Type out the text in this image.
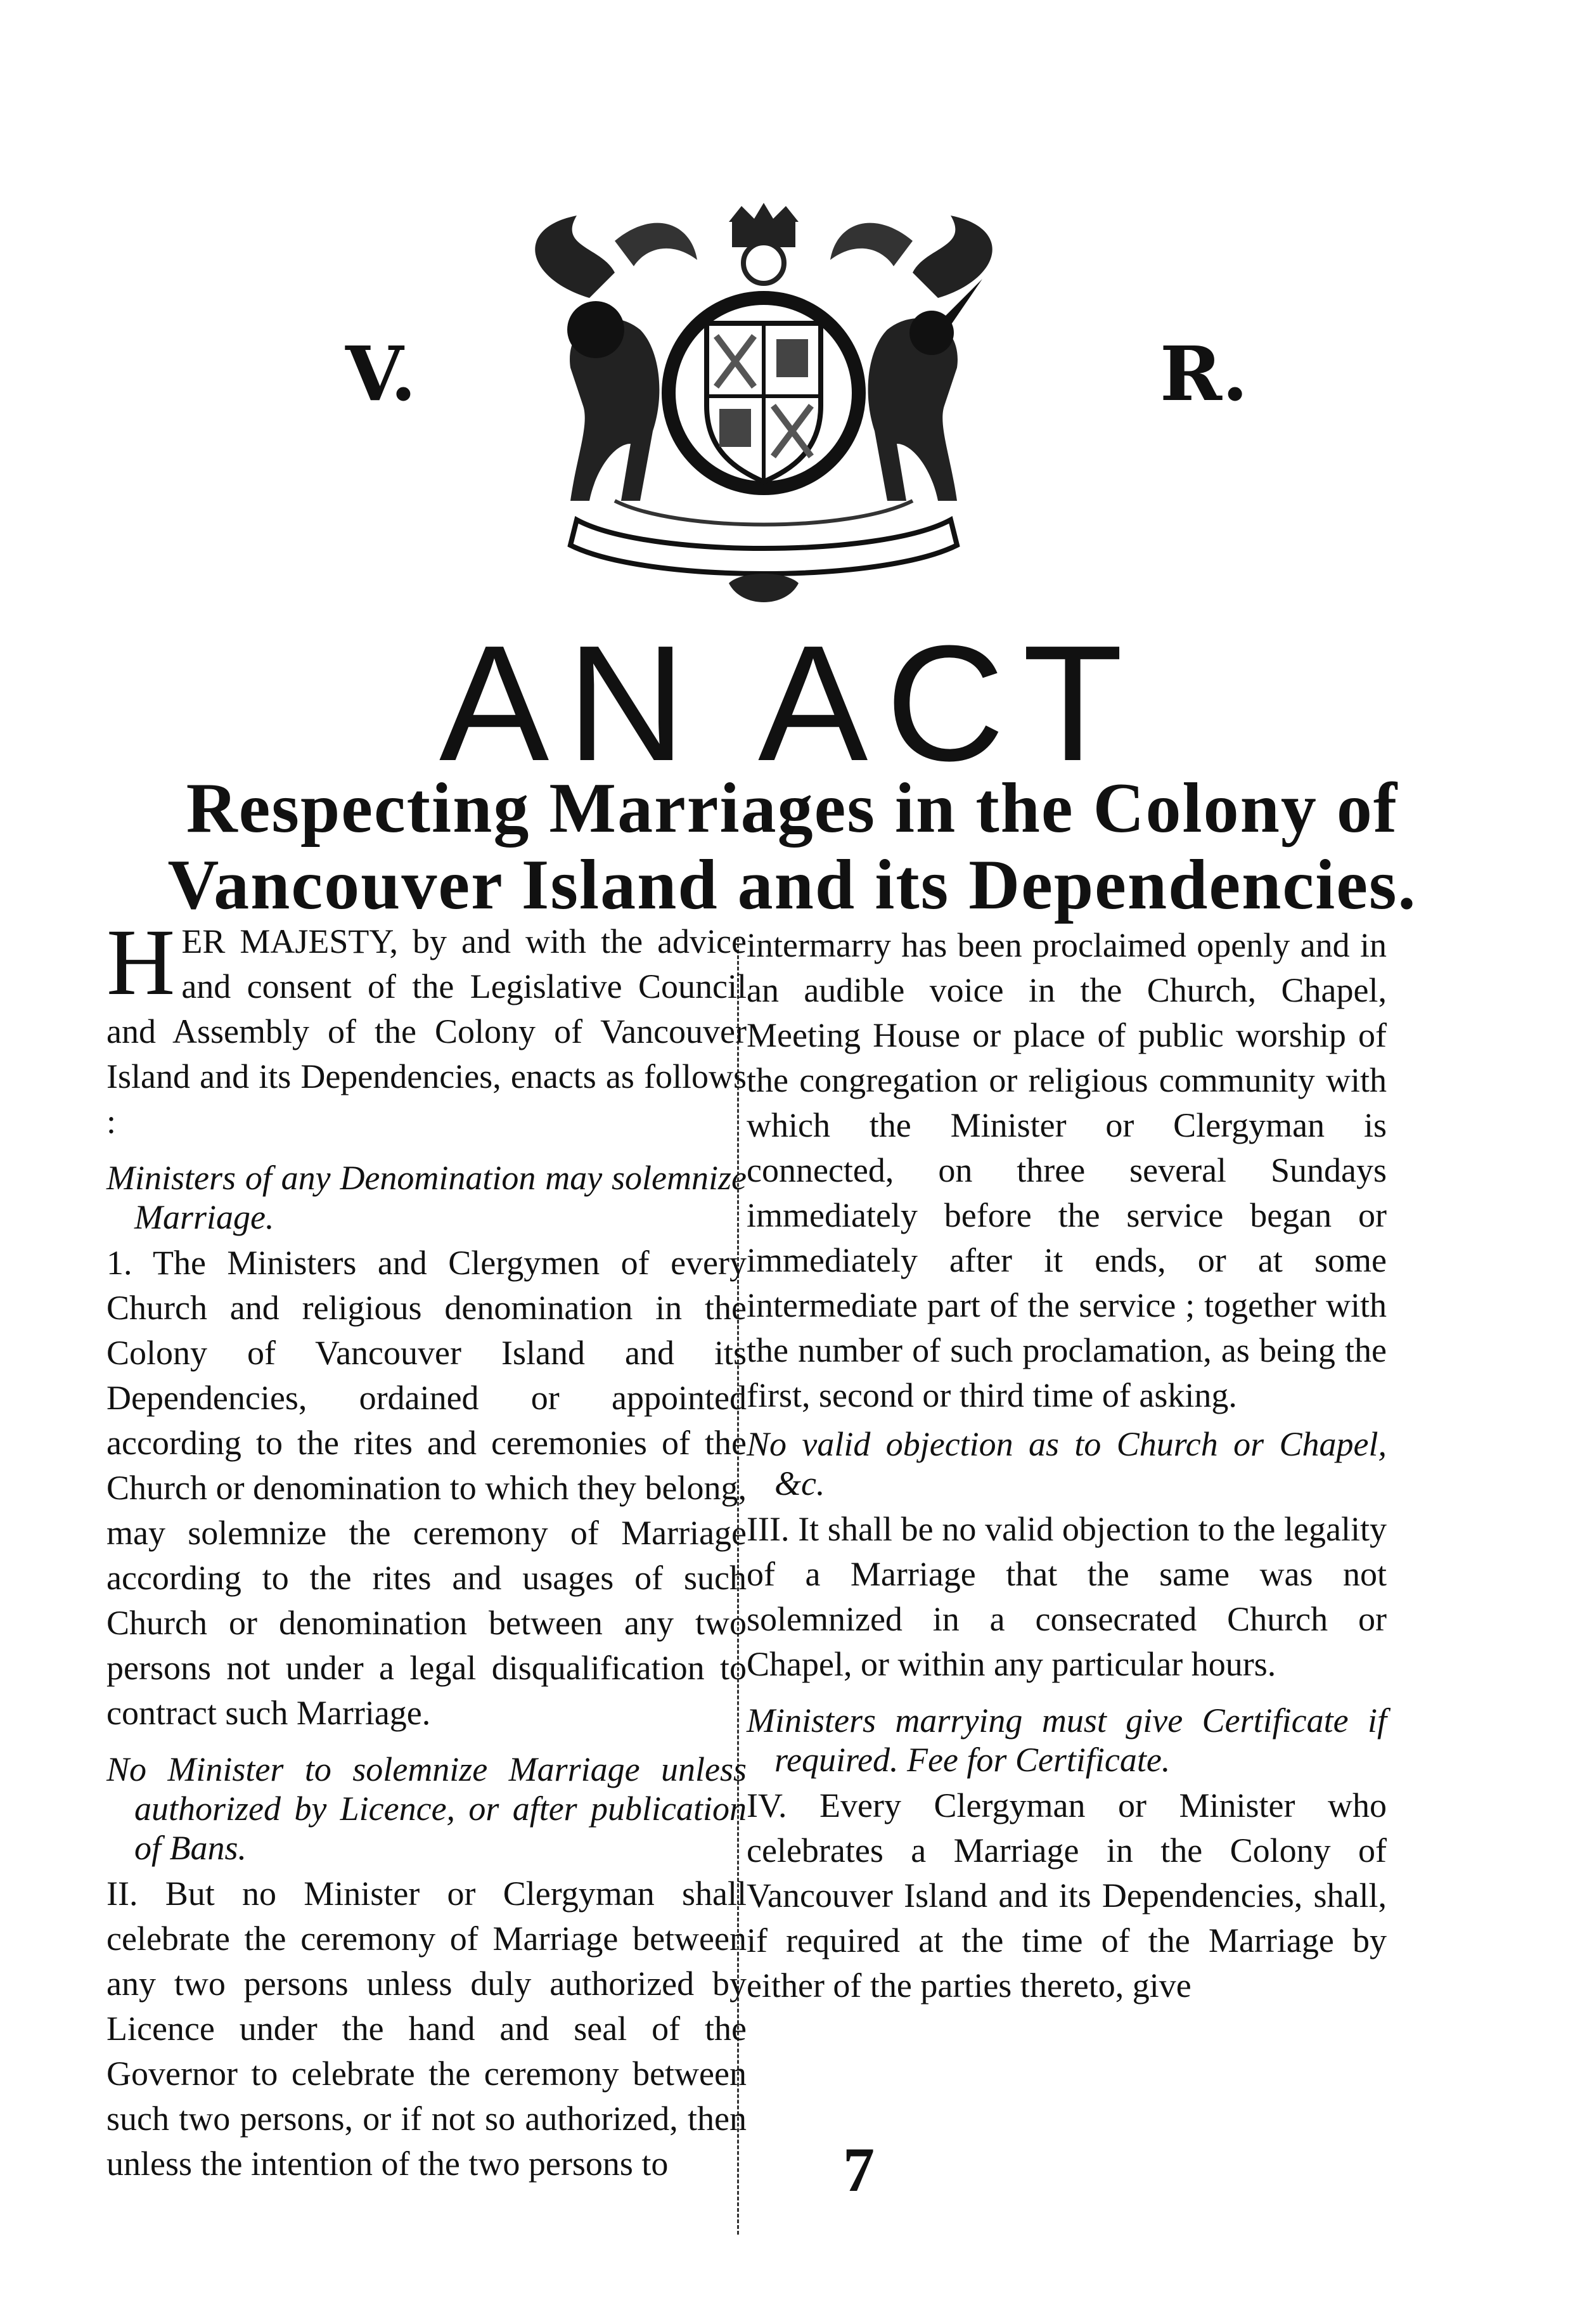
V.	R.
AN ACT
Respecting Marriages in the Colony of Vancouver Island and its Dependencies.

HER MAJESTY, by and with the advice and consent of the Legislative Council and Assembly of the Colony of Vancouver Island and its Dependencies, enacts as follows :

Ministers of any Denomination may solemnize Marriage.

1. The Ministers and Clergymen of every Church and religious denomination in the Colony of Vancouver Island and its Dependencies, ordained or appointed according to the rites and ceremonies of the Church or denomination to which they belong, may solemnize the ceremony of Marriage according to the rites and usages of such Church or denomination between any two persons not under a legal disqualification to contract such Marriage.

No Minister to solemnize Marriage unless authorized by Licence, or after publication of Bans.

II. But no Minister or Clergyman shall celebrate the ceremony of Marriage between any two persons unless duly authorized by Licence under the hand and seal of the Governor to celebrate the ceremony between such two persons, or if not so authorized, then unless the intention of the two persons to

intermarry has been proclaimed openly and in an audible voice in the Church, Chapel, Meeting House or place of public worship of the congregation or religious community with which the Minister or Clergyman is connected, on three several Sundays immediately before the service began or immediately after it ends, or at some intermediate part of the service ; together with the number of such proclamation, as being the first, second or third time of asking.

No valid objection as to Church or Chapel, &c.

III. It shall be no valid objection to the legality of a Marriage that the same was not solemnized in a consecrated Church or Chapel, or within any particular hours.

Ministers marrying must give Certificate if required. Fee for Certificate.

IV. Every Clergyman or Minister who celebrates a Marriage in the Colony of Vancouver Island and its Dependencies, shall, if required at the time of the Marriage by either of the parties thereto, give

7
